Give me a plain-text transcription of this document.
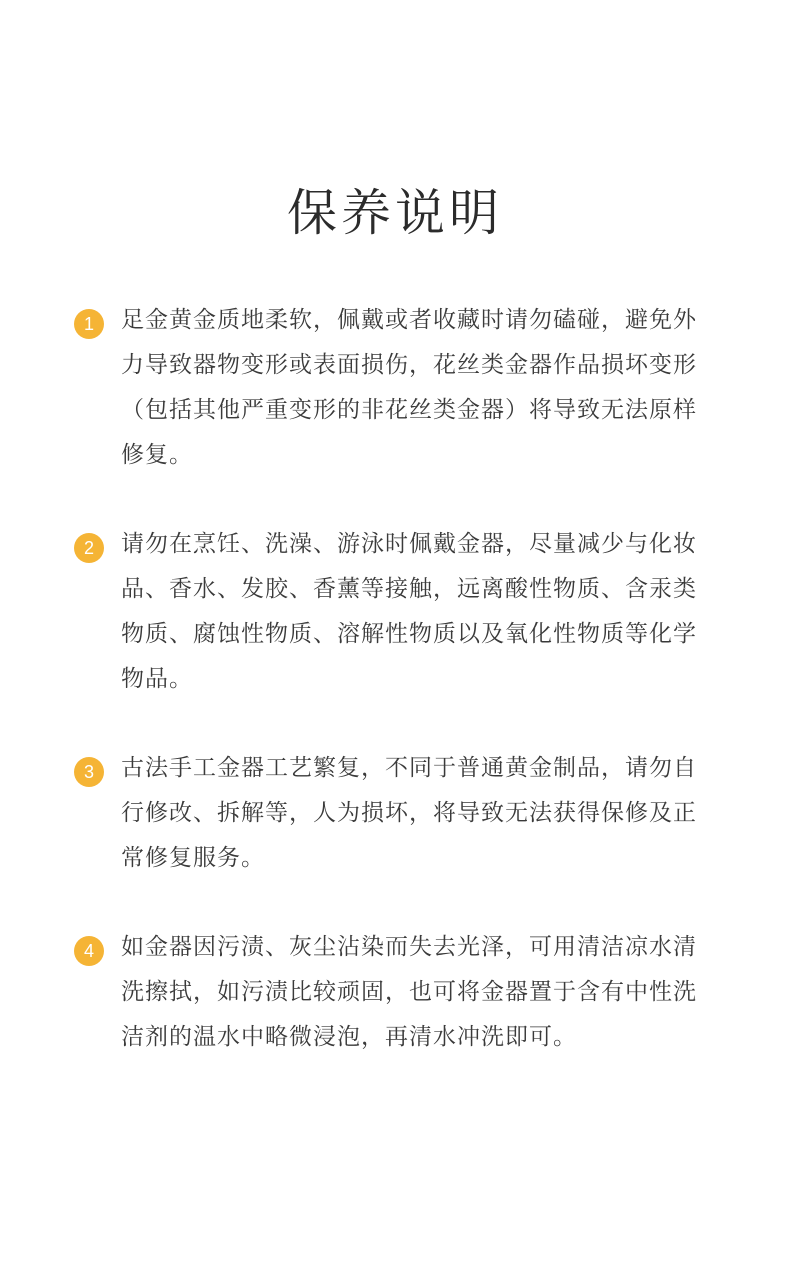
保养说明
1	足金黄金质地柔软，佩戴或者收藏时请勿磕碰，避免外力导致器物变形或表面损伤，花丝类金器作品损坏变形（包括其他严重变形的非花丝类金器）将导致无法原样修复。
2	请勿在烹饪、洗澡、游泳时佩戴金器，尽量减少与化妆品、香水、发胶、香薰等接触，远离酸性物质、含汞类物质、腐蚀性物质、溶解性物质以及氧化性物质等化学物品。
3	古法手工金器工艺繁复，不同于普通黄金制品，请勿自行修改、拆解等，人为损坏，将导致无法获得保修及正常修复服务。
4	如金器因污渍、灰尘沾染而失去光泽，可用清洁凉水清洗擦拭，如污渍比较顽固，也可将金器置于含有中性洗洁剂的温水中略微浸泡，再清水冲洗即可。
